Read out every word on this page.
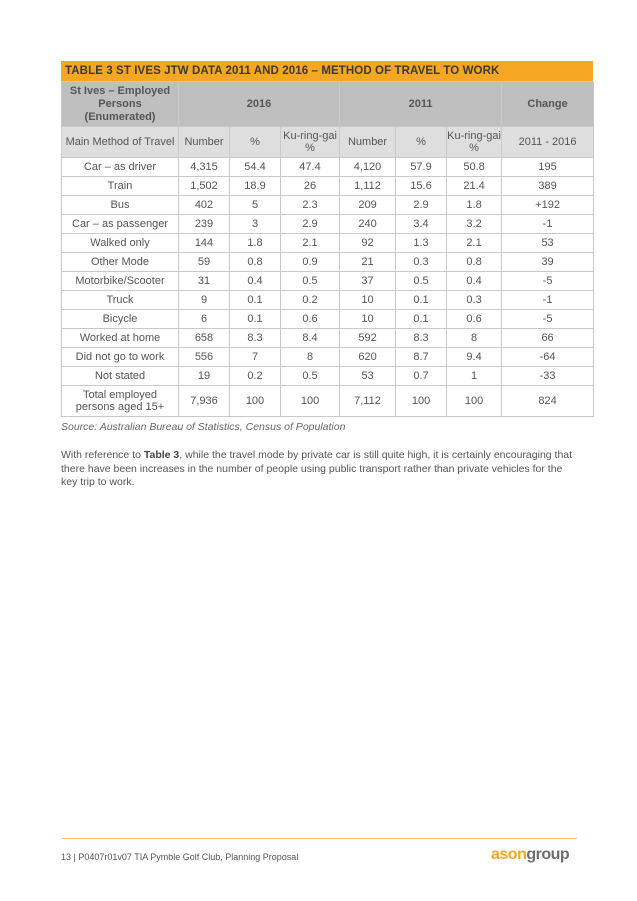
TABLE 3 ST IVES JTW DATA 2011 AND 2016 – METHOD OF TRAVEL TO WORK
St Ives – Employed Persons (Enumerated)	2016			2011			Change
Main Method of Travel	Number	%	Ku-ring-gai %	Number	%	Ku-ring-gai %	2011 - 2016
Car – as driver	4,315	54.4	47.4	4,120	57.9	50.8	195
Train	1,502	18.9	26	1,112	15.6	21.4	389
Bus	402	5	2.3	209	2.9	1.8	+192
Car – as passenger	239	3	2.9	240	3.4	3.2	-1
Walked only	144	1.8	2.1	92	1.3	2.1	53
Other Mode	59	0.8	0.9	21	0.3	0.8	39
Motorbike/Scooter	31	0.4	0.5	37	0.5	0.4	-5
Truck	9	0.1	0.2	10	0.1	0.3	-1
Bicycle	6	0.1	0.6	10	0.1	0.6	-5
Worked at home	658	8.3	8.4	592	8.3	8	66
Did not go to work	556	7	8	620	8.7	9.4	-64
Not stated	19	0.2	0.5	53	0.7	1	-33
Total employed persons aged 15+	7,936	100	100	7,112	100	100	824
Source: Australian Bureau of Statistics, Census of Population

With reference to Table 3, while the travel mode by private car is still quite high, it is certainly encouraging that there have been increases in the number of people using public transport rather than private vehicles for the key trip to work.

13 | P0407r01v07 TIA Pymble Golf Club, Planning Proposal	asongroup
